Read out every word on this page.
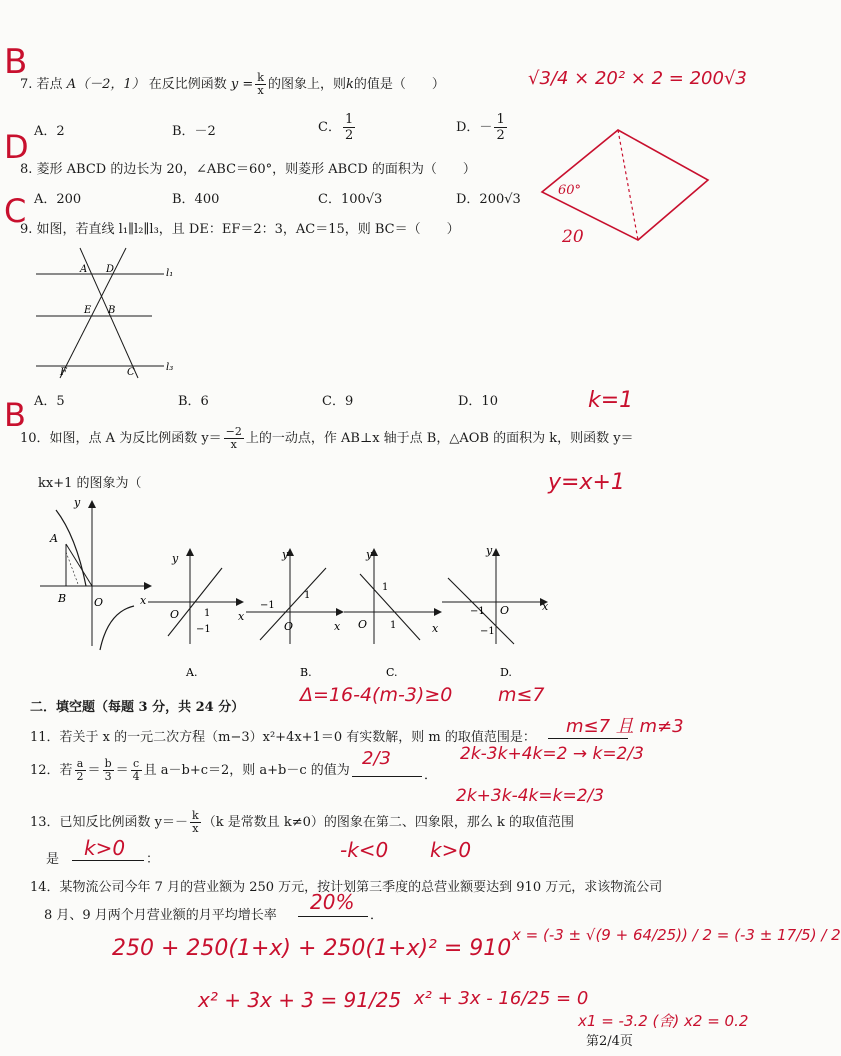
B
D
C
B
7. 若点 A（－2，1） 在反比例函数 $y = \frac{k}{x}$ 的图象上，则k的值是（　　）
A．2	B．－2	C． $\frac{1}{2}$	D．－ $\frac{1}{2}$
√3/4 × 20² × 2 = 200√3
8. 菱形 ABCD 的边长为 20，∠ABC＝60°，则菱形 ABCD 的面积为（　　）
A．200	B．400	C．100√3	D．200√3
60°
20
9. 如图，若直线 l₁∥l₂∥l₃，且 DE：EF＝2：3，AC＝15，则 BC＝（　　）
A D	l₁
E B
F	C	l₃
A．5	B．6	C．9	D．10	k=1
10．如图，点 A 为反比例函数 $y= \frac{-2}{x}$ 上的一动点，作 AB⊥x 轴于点 B，△AOB 的面积为 k，则函数 y＝
kx+1 的图象为（	y=x+1
y
A
B	O	x
y
O 1
−1
x
A.
y
−1
1
O	x
B.
y
1
O 1	x
C.
y
−1 O
−1
x
D.
二．填空题（每题 3 分，共 24 分）
Δ=16-4(m-3)≥0 m≤7
11．若关于 x 的一元二次方程（m−3）x²+4x+1＝0 有实数解，则 m 的取值范围是：
m≤7 且 m≠3
12．若 $\frac{a}{2} = \frac{b}{3} = \frac{c}{4}$ 且 a－b+c＝2，则 a+b－c 的值为	．
2/3	2k-3k+4k=2 → k=2/3
2k+3k-4k=k=2/3
13．已知反比例函数 $y=- \frac{k}{x} (k$ 是常数且 k≠0）的图象在第二、四象限，那么 k 的取值范围
是	：
k>0	-k<0 k>0
14．某物流公司今年 7 月的营业额为 250 万元，按计划第三季度的总营业额要达到 910 万元，求该物流公司
8 月、9 月两个月营业额的月平均增长率	．
20%
250 + 250(1+x) + 250(1+x)² = 910
x = (-3 ± √(9 + 64/25)) / 2 = (-3 ± 17/5) / 2
x² + 3x + 3 = 91/25 x² + 3x - 16/25 = 0
x1 = -3.2 (舍) x2 = 0.2
第2/4页
